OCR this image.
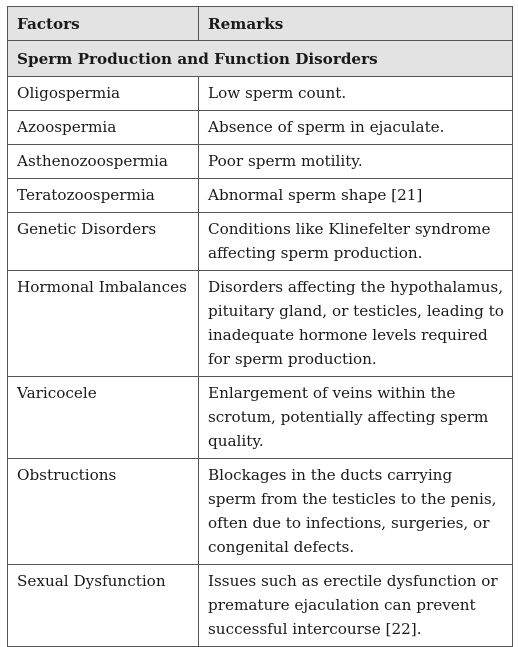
Factors	Remarks
Sperm Production and Function Disorders	
Oligospermia	Low sperm count.
Azoospermia	Absence of sperm in ejaculate.
Asthenozoospermia	Poor sperm motility.
Teratozoospermia	Abnormal sperm shape [21]
Genetic Disorders	Conditions like Klinefelter syndrome affecting sperm production.
Hormonal Imbalances	Disorders affecting the hypothalamus, pituitary gland, or testicles, leading to inadequate hormone levels required for sperm production.
Varicocele	Enlargement of veins within the scrotum, potentially affecting sperm quality.
Obstructions	Blockages in the ducts carrying sperm from the testicles to the penis, often due to infections, surgeries, or congenital defects.
Sexual Dysfunction	Issues such as erectile dysfunction or premature ejaculation can prevent successful intercourse [22].
